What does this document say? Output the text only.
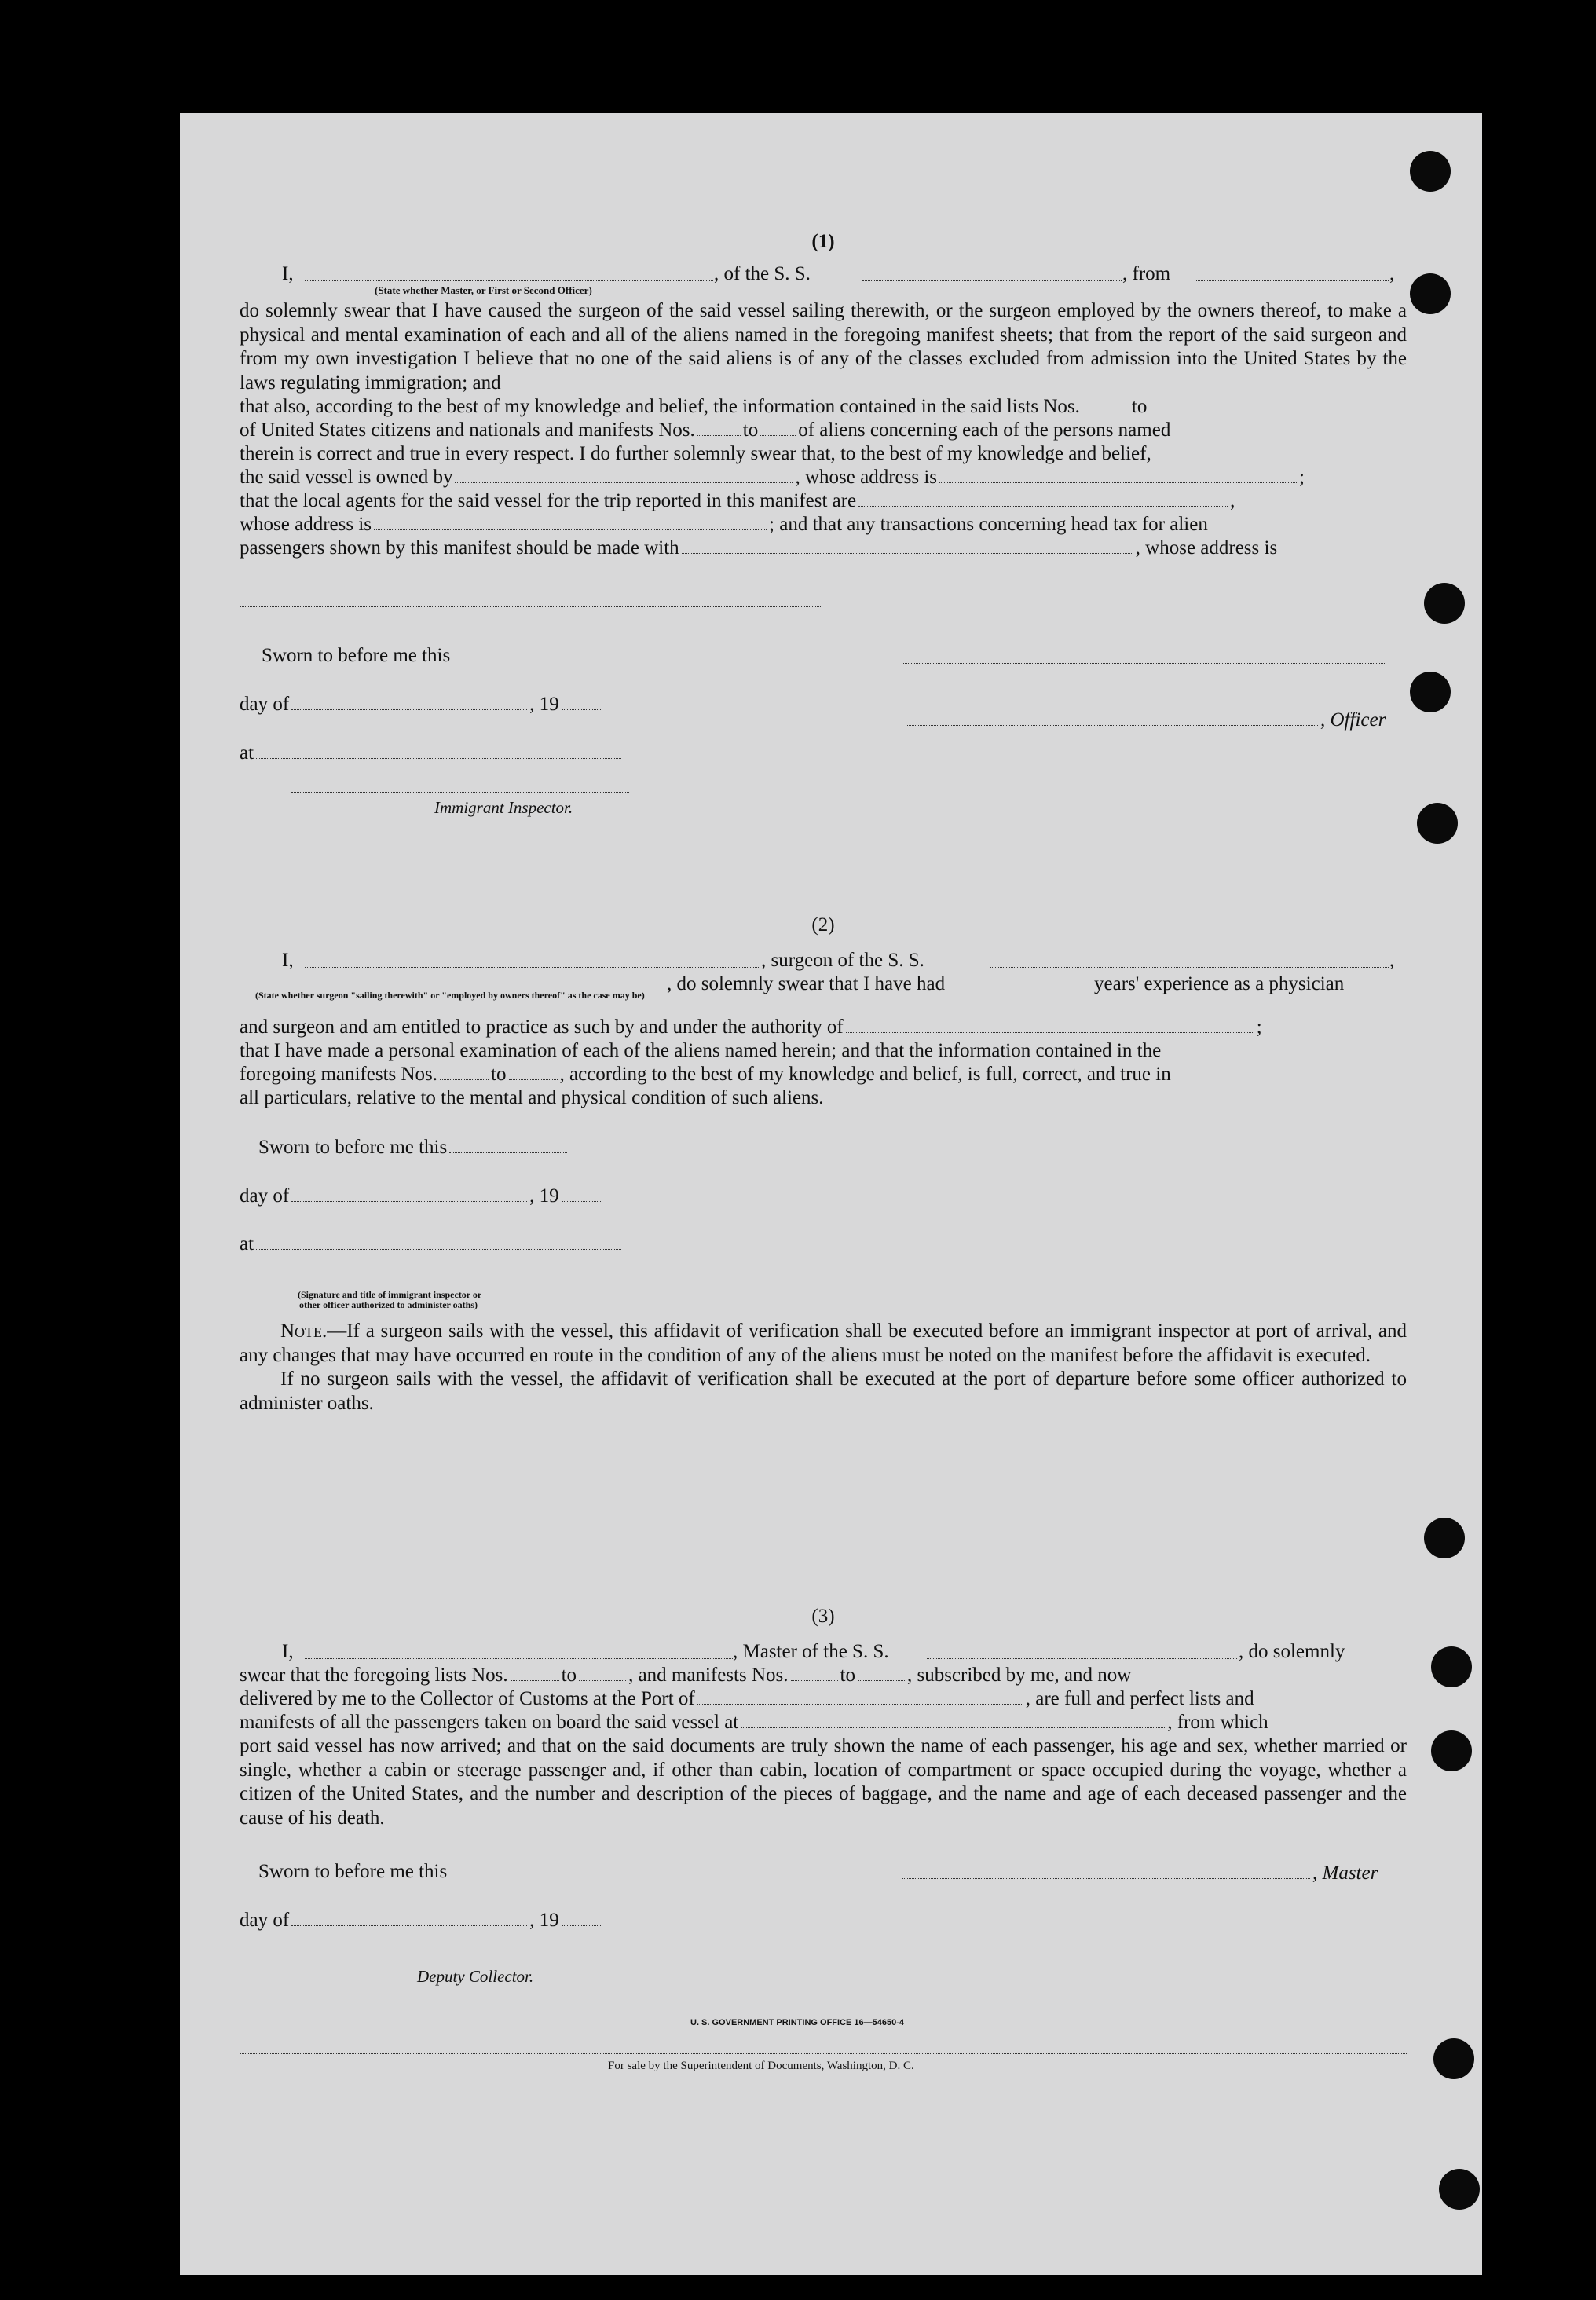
(1)
I,	, of the S. S.	, from	,
(State whether Master, or First or Second Officer)

do solemnly swear that I have caused the surgeon of the said vessel sailing therewith, or the surgeon employed by the owners thereof, to make a physical and mental examination of each and all of the aliens named in the foregoing manifest sheets; that from the report of the said surgeon and from my own investigation I believe that no one of the said aliens is of any of the classes excluded from admission into the United States by the laws regulating immigration; and

that also, according to the best of my knowledge and belief, the information contained in the said lists Nos.	to
of United States citizens and nationals and manifests Nos. to of aliens concerning each of the persons named
therein is correct and true in every respect. I do further solemnly swear that, to the best of my knowledge and belief,
the said vessel is owned by	, whose address is	;
that the local agents for the said vessel for the trip reported in this manifest are	,
whose address is	; and that any transactions concerning head tax for alien
passengers shown by this manifest should be made with	, whose address is
Sworn to before me this
day of	, 19
, Officer
at
Immigrant Inspector.
(2)
I,	, surgeon of the S. S.	,
, do solemnly swear that I have had	years' experience as a physician
(State whether surgeon "sailing therewith" or "employed by owners thereof" as the case may be)
and surgeon and am entitled to practice as such by and under the authority of	;
that I have made a personal examination of each of the aliens named herein; and that the information contained in the
foregoing manifests Nos.	to	, according to the best of my knowledge and belief, is full, correct, and true in
all particulars, relative to the mental and physical condition of such aliens.
Sworn to before me this
day of	, 19
at
(Signature and title of immigrant inspector or
other officer authorized to administer oaths)

Note.—If a surgeon sails with the vessel, this affidavit of verification shall be executed before an immigrant inspector at port of arrival, and any changes that may have occurred en route in the condition of any of the aliens must be noted on the manifest before the affidavit is executed.

If no surgeon sails with the vessel, the affidavit of verification shall be executed at the port of departure before some officer authorized to administer oaths.

(3)
I,	, Master of the S. S.	, do solemnly
swear that the foregoing lists Nos.	to	, and manifests Nos.	to	, subscribed by me, and now
delivered by me to the Collector of Customs at the Port of	, are full and perfect lists and
manifests of all the passengers taken on board the said vessel at	, from which

port said vessel has now arrived; and that on the said documents are truly shown the name of each passenger, his age and sex, whether married or single, whether a cabin or steerage passenger and, if other than cabin, location of compartment or space occupied during the voyage, whether a citizen of the United States, and the number and description of the pieces of baggage, and the name and age of each deceased passenger and the cause of his death.

Sworn to before me this	, Master
day of	, 19
Deputy Collector.
U. S. GOVERNMENT PRINTING OFFICE 16—54650-4
For sale by the Superintendent of Documents, Washington, D. C.
